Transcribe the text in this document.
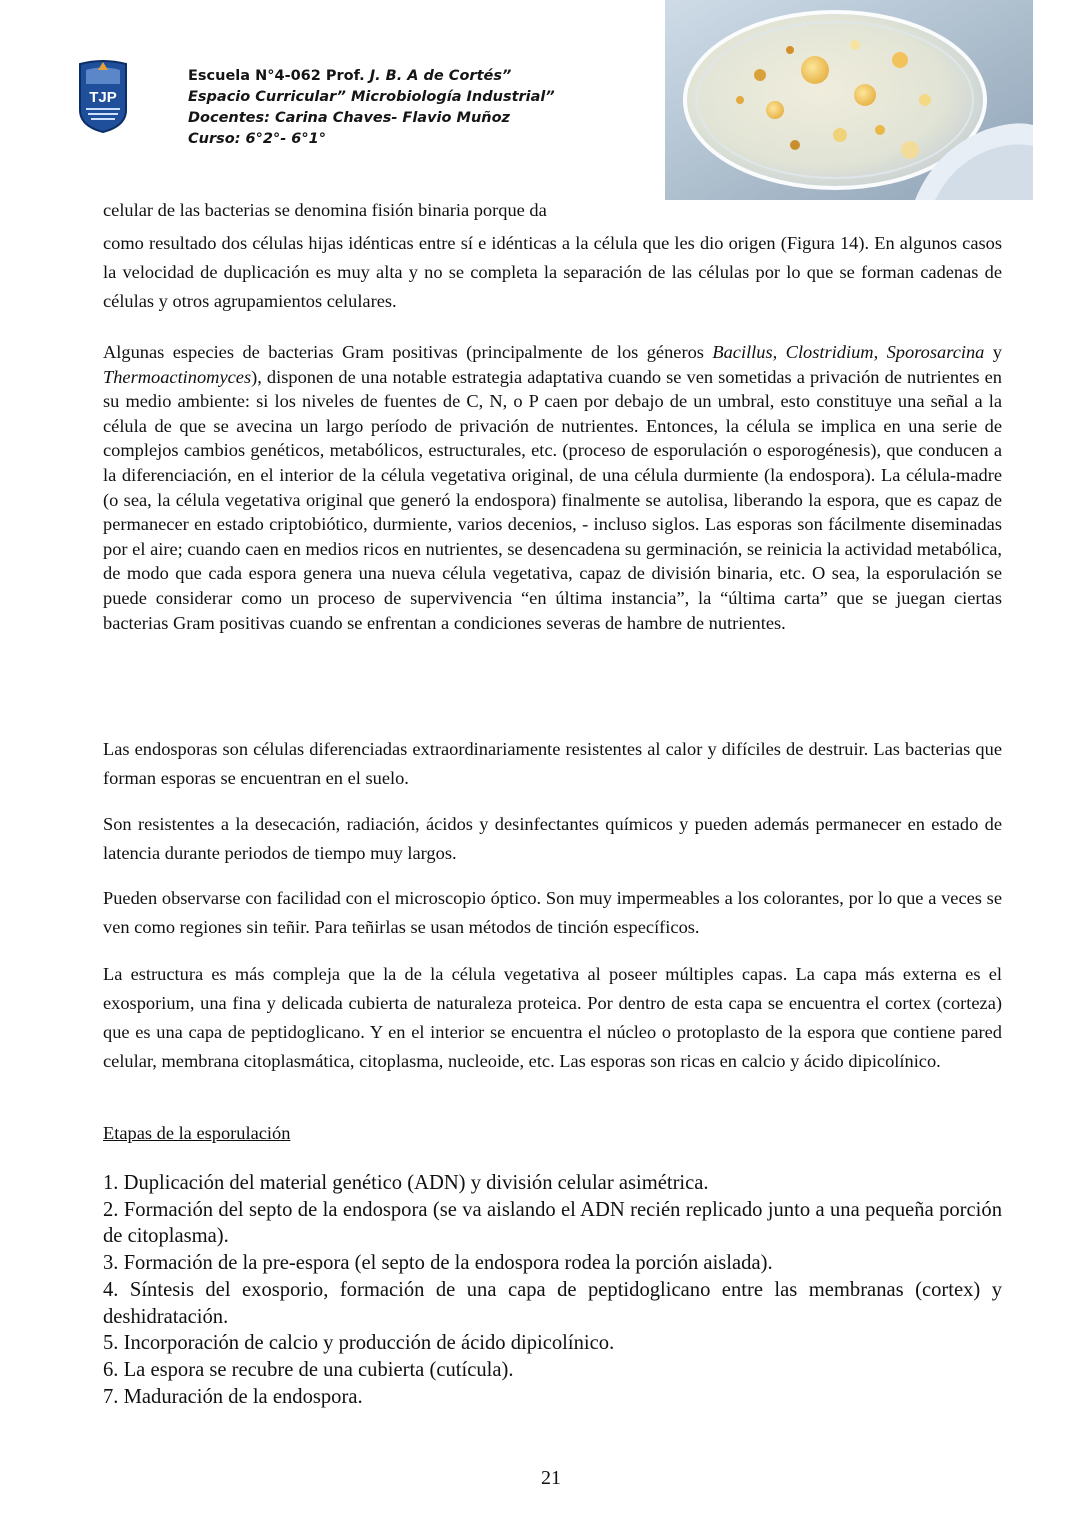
TJP
Escuela N°4-062 Prof. J. B. A de Cortés”
Espacio Curricular” Microbiología Industrial”
Docentes: Carina Chaves- Flavio Muñoz
Curso: 6°2°- 6°1°
celular de las bacterias se denomina fisión binaria porque da
como resultado dos células hijas idénticas entre sí e idénticas a la célula que les dio origen (Figura 14). En algunos casos la velocidad de duplicación es muy alta y no se completa la separación de las células por lo que se forman cadenas de células y otros agrupamientos celulares.
Algunas especies de bacterias Gram positivas (principalmente de los géneros Bacillus, Clostridium, Sporosarcina y Thermoactinomyces), disponen de una notable estrategia adaptativa cuando se ven sometidas a privación de nutrientes en su medio ambiente: si los niveles de fuentes de C, N, o P caen por debajo de un umbral, esto constituye una señal a la célula de que se avecina un largo período de privación de nutrientes. Entonces, la célula se implica en una serie de complejos cambios genéticos, metabólicos, estructurales, etc. (proceso de esporulación o esporogénesis), que conducen a la diferenciación, en el interior de la célula vegetativa original, de una célula durmiente (la endospora). La célula-madre (o sea, la célula vegetativa original que generó la endospora) finalmente se autolisa, liberando la espora, que es capaz de permanecer en estado criptobiótico, durmiente, varios decenios, - incluso siglos. Las esporas son fácilmente diseminadas por el aire; cuando caen en medios ricos en nutrientes, se desencadena su germinación, se reinicia la actividad metabólica, de modo que cada espora genera una nueva célula vegetativa, capaz de división binaria, etc. O sea, la esporulación se puede considerar como un proceso de supervivencia “en última instancia”, la “última carta” que se juegan ciertas bacterias Gram positivas cuando se enfrentan a condiciones severas de hambre de nutrientes.
Las endosporas son células diferenciadas extraordinariamente resistentes al calor y difíciles de destruir. Las bacterias que forman esporas se encuentran en el suelo.
Son resistentes a la desecación, radiación, ácidos y desinfectantes químicos y pueden además permanecer en estado de latencia durante periodos de tiempo muy largos.
Pueden observarse con facilidad con el microscopio óptico. Son muy impermeables a los colorantes, por lo que a veces se ven como regiones sin teñir. Para teñirlas se usan métodos de tinción específicos.
La estructura es más compleja que la de la célula vegetativa al poseer múltiples capas. La capa más externa es el exosporium, una fina y delicada cubierta de naturaleza proteica. Por dentro de esta capa se encuentra el cortex (corteza) que es una capa de peptidoglicano. Y en el interior se encuentra el núcleo o protoplasto de la espora que contiene pared celular, membrana citoplasmática, citoplasma, nucleoide, etc. Las esporas son ricas en calcio y ácido dipicolínico.
Etapas de la esporulación
1. Duplicación del material genético (ADN) y división celular asimétrica.
2. Formación del septo de la endospora (se va aislando el ADN recién replicado junto a una pequeña porción de citoplasma).
3. Formación de la pre-espora (el septo de la endospora rodea la porción aislada).
4. Síntesis del exosporio, formación de una capa de peptidoglicano entre las membranas (cortex) y deshidratación.
5. Incorporación de calcio y producción de ácido dipicolínico.
6. La espora se recubre de una cubierta (cutícula).
7. Maduración de la endospora.
21
